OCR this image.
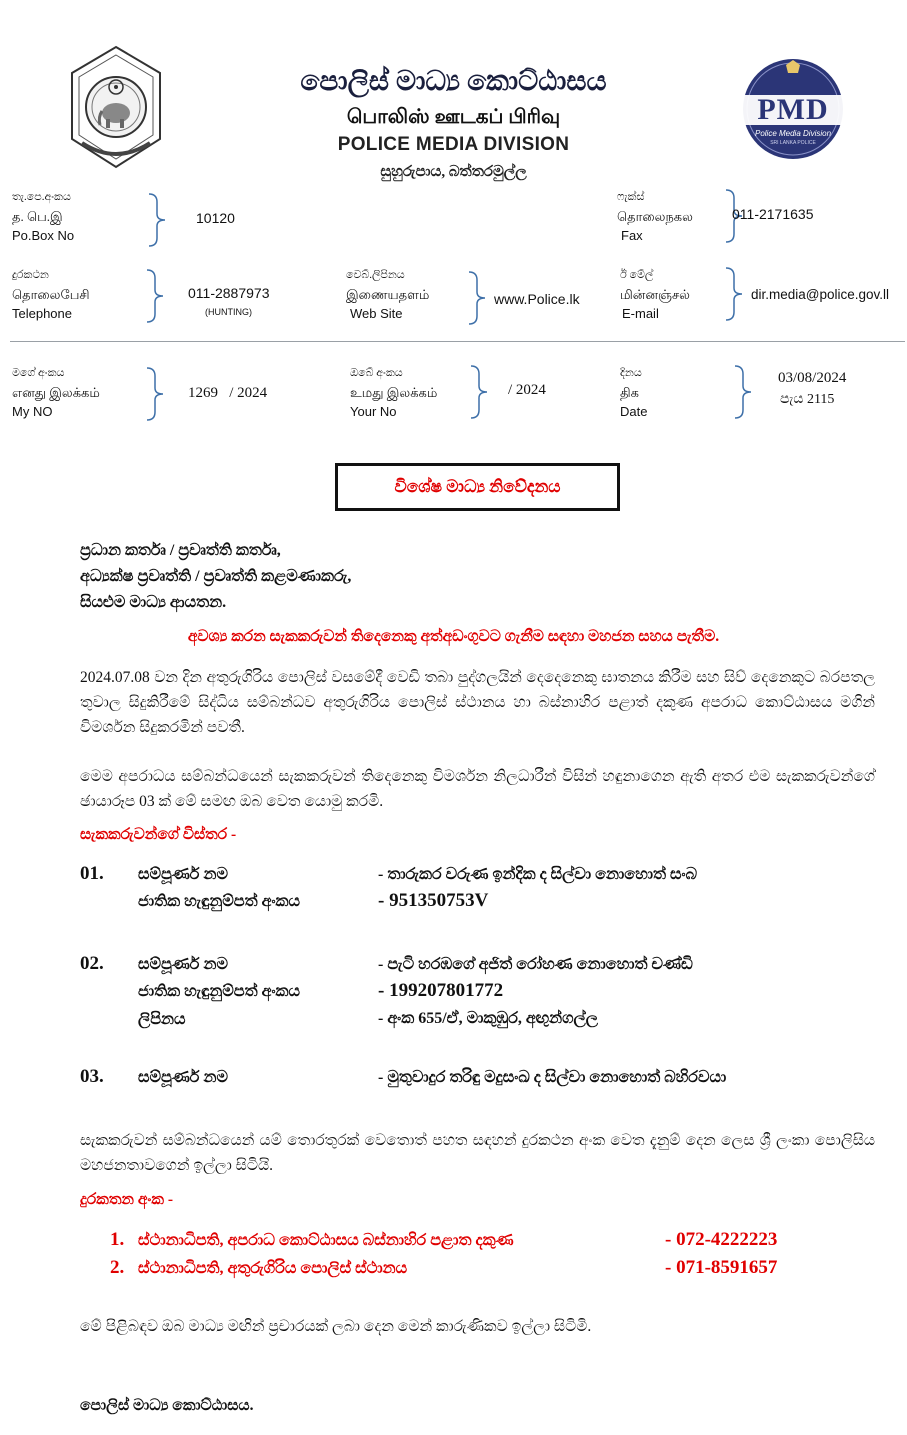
පොලිස් මාධ්‍ය කොට්ඨාසය
பொலிஸ் ஊடகப் பிரிவு
POLICE MEDIA DIVISION
සුහුරුපාය, බත්තරමුල්ල
PMD
Police Media Division
SRI LANKA POLICE
තැ.පෙ.අංකය
த. பெ.இ
Po.Box No
10120
ෆැක්ස්
தொலைநகல
Fax
011-2171635
දුරකථන
தொலைபேசி
Telephone
011-2887973
(HUNTING)
වෙබ්.ලිපිනය
இணையதளம்
Web Site
www.Police.lk
ඊ මේල්
மின்னஞ்சல்
E-mail
dir.media@police.gov.ll
මගේ අංකය
எனது இலக்கம்
My NO
1269   / 2024
ඔබේ අංකය
உமது இலக்கம்
Your No
/ 2024
දිනය
திக
Date
03/08/2024
පැය 2115
විශේෂ මාධ්‍ය නිවේදනය
ප්‍රධාන කර්තෘ / ප්‍රවෘත්ති කර්තෘ,
අධ්‍යක්ෂ ප්‍රවෘත්ති / ප්‍රවෘත්ති කළමණාකරු,
සියළුම මාධ්‍ය ආයතන.
අවශ්‍ය කරන සැකකරුවන් තිදෙනෙකු අත්අඩංගුවට ගැනීම සඳහා මහජන සහය පැතීම.
2024.07.08 වන දින අතුරුගිරිය පොලිස් වසමේදී වෙඩි තබා පුද්ගලයින් දෙදෙනෙකු ඝාතනය කිරීම සහ සිව් දෙනෙකුට බරපතල තුවාල සිදුකිරීමේ සිද්ධිය සම්බන්ධව අතුරුගිරිය පොලිස් ස්ථානය හා බස්නාහිර පළාත් දකුණ අපරාධ කොට්ඨාසය මගින් විමර්ශන සිදුකරමින් පවතී.
මෙම අපරාධය සම්බන්ධයෙන් සැකකරුවන් තිදෙනෙකු විමර්ශන නිලධාරීන් විසින් හඳුනාගෙන ඇති අතර එම සැකකරුවන්ගේ ඡායාරූප 03 ක් මේ සමඟ ඔබ වෙත යොමු කරමි.
සැකකරුවන්ගේ විස්තර -
01. සම්පූර්ණ නම	- තාරුකර වරුණ ඉන්දික ද සිල්වා නොහොත් සංබ
ජාතික හැඳුනුම්පත් අංකය	- 951350753V
02. සම්පූර්ණ නම	- පැටි හරඹගේ අජිත් රෝහණ නොහොත් චණ්ඩි
ජාතික හැඳුනුම්පත් අංකය	- 199207801772
ලිපිනය	- අංක 655/ඒ, මාකුඹුර, අඟුන්ගල්ල
03. සම්පූර්ණ නම	- මුතුවාදුර තරිඳු මදුසංඛ ද සිල්වා නොහොත් බහිරවයා
සැකකරුවන් සම්බන්ධයෙන් යම් තොරතුරක් වෙතොත් පහත සඳහන් දුරකථන අංක වෙත දැනුම් දෙන ලෙස ශ්‍රී ලංකා පොලිසිය මහජනතාවගෙන් ඉල්ලා සිටියි.
දුරකතන අංක -
1. ස්ථානාධිපති, අපරාධ කොට්ඨාසය බස්නාහිර පළාත දකුණ	- 072-4222223
2. ස්ථානාධිපති, අතුරුගිරිය පොලිස් ස්ථානය	- 071-8591657
මේ පිළිබඳව ඔබ මාධ්‍ය මඟින් ප්‍රචාරයක් ලබා දෙන මෙන් කාරුණිකව ඉල්ලා සිටිමි.
පොලිස් මාධ්‍ය කොට්ඨාසය.
